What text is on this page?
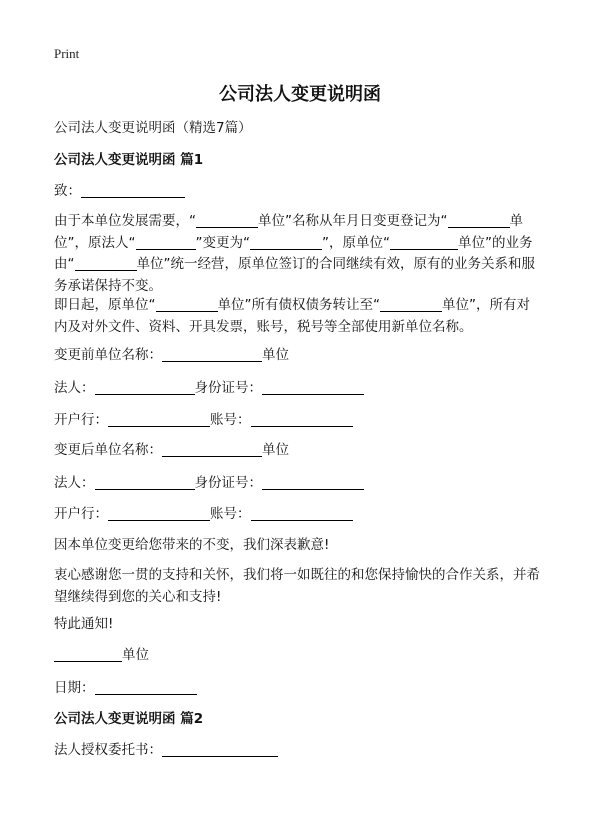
Print
公司法人变更说明函
公司法人变更说明函（精选7篇）
公司法人变更说明函 篇1
致：
由于本单位发展需要，“	单位”名称从年月日变更登记为“	单
位”，原法人“	”变更为“	”，原单位“	单位”的业务
由“	单位”统一经营，原单位签订的合同继续有效，原有的业务关系和服
务承诺保持不变。
即日起，原单位“	单位”所有债权债务转让至“	单位”，所有对
内及对外文件、资料、开具发票，账号，税号等全部使用新单位名称。
变更前单位名称：	单位
法人：	身份证号：
开户行：	账号：
变更后单位名称：	单位
法人：	身份证号：
开户行：	账号：
因本单位变更给您带来的不变，我们深表歉意!
衷心感谢您一贯的支持和关怀，我们将一如既往的和您保持愉快的合作关系，并希
望继续得到您的关心和支持!
特此通知!
单位
日期：
公司法人变更说明函 篇2
法人授权委托书：
